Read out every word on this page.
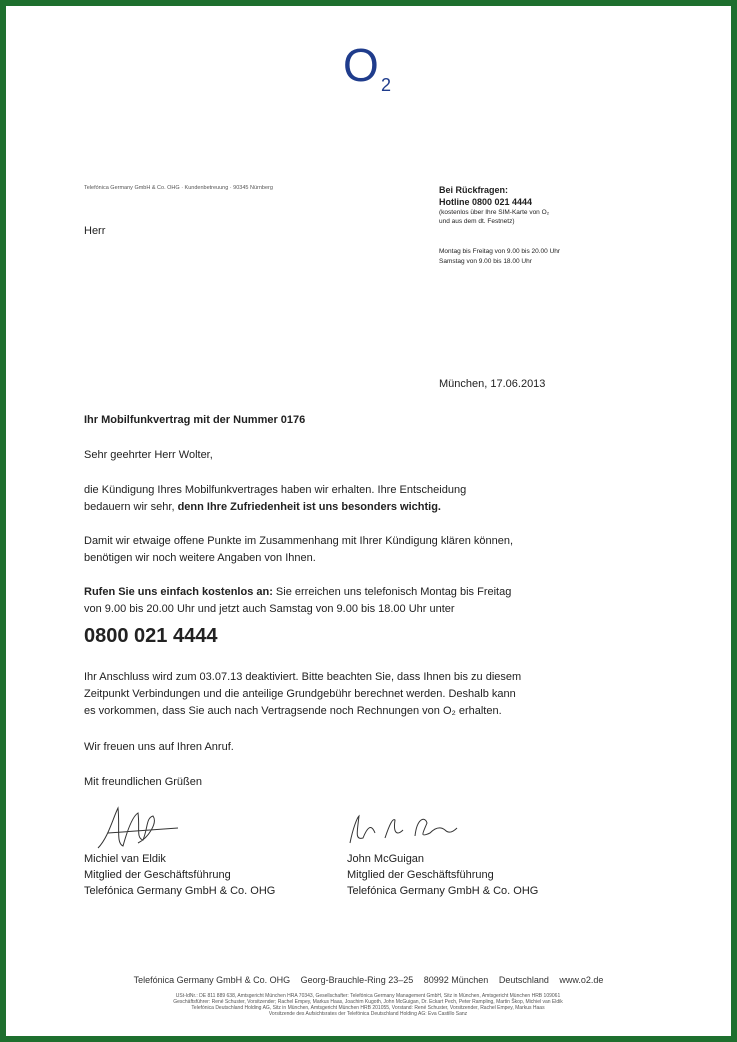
O 2
Telefónica Germany GmbH & Co. OHG · Kundenbetreuung · 90345 Nürnberg
Herr
Bei Rückfragen:
Hotline 0800 021 4444
(kostenlos über Ihre SIM-Karte von O₂
und aus dem dt. Festnetz)
Montag bis Freitag von 9.00 bis 20.00 Uhr
Samstag von 9.00 bis 18.00 Uhr
München, 17.06.2013
Ihr Mobilfunkvertrag mit der Nummer 0176
Sehr geehrter Herr Wolter,
die Kündigung Ihres Mobilfunkvertrages haben wir erhalten. Ihre Entscheidung
bedauern wir sehr, denn Ihre Zufriedenheit ist uns besonders wichtig.
Damit wir etwaige offene Punkte im Zusammenhang mit Ihrer Kündigung klären können,
benötigen wir noch weitere Angaben von Ihnen.
Rufen Sie uns einfach kostenlos an: Sie erreichen uns telefonisch Montag bis Freitag
von 9.00 bis 20.00 Uhr und jetzt auch Samstag von 9.00 bis 18.00 Uhr unter
0800 021 4444
Ihr Anschluss wird zum 03.07.13 deaktiviert. Bitte beachten Sie, dass Ihnen bis zu diesem
Zeitpunkt Verbindungen und die anteilige Grundgebühr berechnet werden. Deshalb kann
es vorkommen, dass Sie auch nach Vertragsende noch Rechnungen von O₂ erhalten.
Wir freuen uns auf Ihren Anruf.
Mit freundlichen Grüßen
Michiel van Eldik
Mitglied der Geschäftsführung
Telefónica Germany GmbH & Co. OHG
John McGuigan
Mitglied der Geschäftsführung
Telefónica Germany GmbH & Co. OHG
Telefónica Germany GmbH & Co. OHG Georg-Brauchle-Ring 23–25 80992 München Deutschland www.o2.de
USt-IdNr.: DE 811 889 638, Amtsgericht München HRA 70343, Gesellschafter: Telefónica Germany Management GmbH, Sitz in München, Amtsgericht München HRB 109061
Geschäftsführer: René Schuster, Vorsitzender; Rachel Empey, Markus Haas, Joachim Kugoth, John McGuigan, Dr. Eckart Pech, Peter Rampling, Martin Škop, Michiel van Eldik
Telefónica Deutschland Holding AG, Sitz in München, Amtsgericht München HRB 201055, Vorstand: René Schuster, Vorsitzender, Rachel Empey, Markus Haas
Vorsitzende des Aufsichtsrates der Telefónica Deutschland Holding AG: Eva Castillo Sanz
